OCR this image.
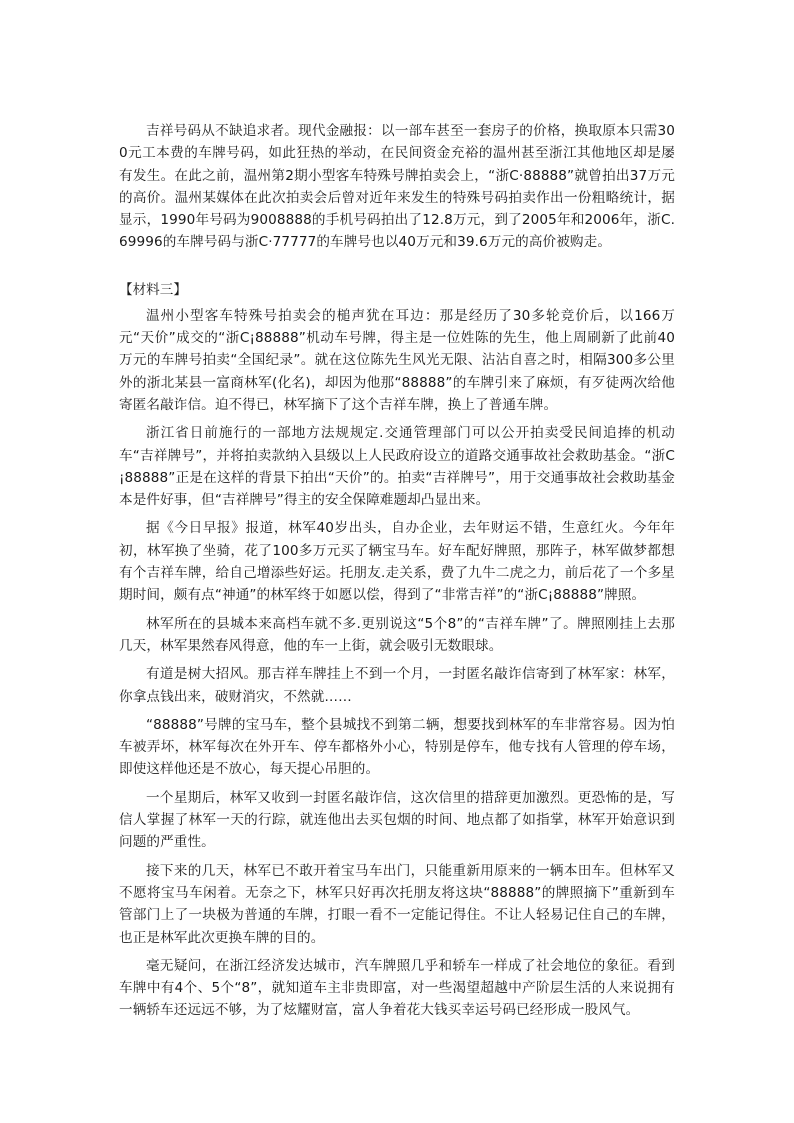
吉祥号码从不缺追求者。现代金融报：以一部车甚至一套房子的价格，换取原本只需300元工本费的车牌号码，如此狂热的举动，在民间资金充裕的温州甚至浙江其他地区却是屡有发生。在此之前，温州第2期小型客车特殊号牌拍卖会上，“浙C·88888”就曾拍出37万元的高价。温州某媒体在此次拍卖会后曾对近年来发生的特殊号码拍卖作出一份粗略统计，据显示，1990年号码为9008888的手机号码拍出了12.8万元，到了2005年和2006年，浙C.69996的车牌号码与浙C·77777的车牌号也以40万元和39.6万元的高价被购走。

【材料三】

温州小型客车特殊号拍卖会的槌声犹在耳边：那是经历了30多轮竞价后，以166万元“天价”成交的“浙C¡88888”机动车号牌，得主是一位姓陈的先生，他上周刷新了此前40万元的车牌号拍卖“全国纪录”。就在这位陈先生风光无限、沾沾自喜之时，相隔300多公里外的浙北某县一富商林军(化名)，却因为他那“88888”的车牌引来了麻烦，有歹徒两次给他寄匿名敲诈信。迫不得已，林军摘下了这个吉祥车牌，换上了普通车牌。

浙江省日前施行的一部地方法规规定.交通管理部门可以公开拍卖受民间追捧的机动车“吉祥牌号”，并将拍卖款纳入县级以上人民政府设立的道路交通事故社会救助基金。“浙C¡88888”正是在这样的背景下拍出“天价”的。拍卖“吉祥牌号”，用于交通事故社会救助基金本是件好事，但“吉祥牌号”得主的安全保障难题却凸显出来。

据《今日早报》报道，林军40岁出头，自办企业，去年财运不错，生意红火。今年年初，林军换了坐骑，花了100多万元买了辆宝马车。好车配好牌照，那阵子，林军做梦都想有个吉祥车牌，给自己增添些好运。托朋友.走关系，费了九牛二虎之力，前后花了一个多星期时间，颇有点“神通”的林军终于如愿以偿，得到了“非常吉祥”的“浙C¡88888”牌照。

林军所在的县城本来高档车就不多.更别说这“5个8”的“吉祥车牌”了。牌照刚挂上去那几天，林军果然春风得意，他的车一上街，就会吸引无数眼球。

有道是树大招风。那吉祥车牌挂上不到一个月，一封匿名敲诈信寄到了林军家：林军，你拿点钱出来，破财消灾，不然就……

“88888”号牌的宝马车，整个县城找不到第二辆，想要找到林军的车非常容易。因为怕车被弄坏，林军每次在外开车、停车都格外小心，特别是停车，他专找有人管理的停车场，即使这样他还是不放心，每天提心吊胆的。

一个星期后，林军又收到一封匿名敲诈信，这次信里的措辞更加激烈。更恐怖的是，写信人掌握了林军一天的行踪，就连他出去买包烟的时间、地点都了如指掌，林军开始意识到问题的严重性。

接下来的几天，林军已不敢开着宝马车出门，只能重新用原来的一辆本田车。但林军又不愿将宝马车闲着。无奈之下，林军只好再次托朋友将这块“88888”的牌照摘下”重新到车管部门上了一块极为普通的车牌，打眼一看不一定能记得住。不让人轻易记住自己的车牌，也正是林军此次更换车牌的目的。

毫无疑问，在浙江经济发达城市，汽车牌照几乎和轿车一样成了社会地位的象征。看到车牌中有4个、5个“8”，就知道车主非贵即富，对一些渴望超越中产阶层生活的人来说拥有一辆轿车还远远不够，为了炫耀财富，富人争着花大钱买幸运号码已经形成一股风气。
